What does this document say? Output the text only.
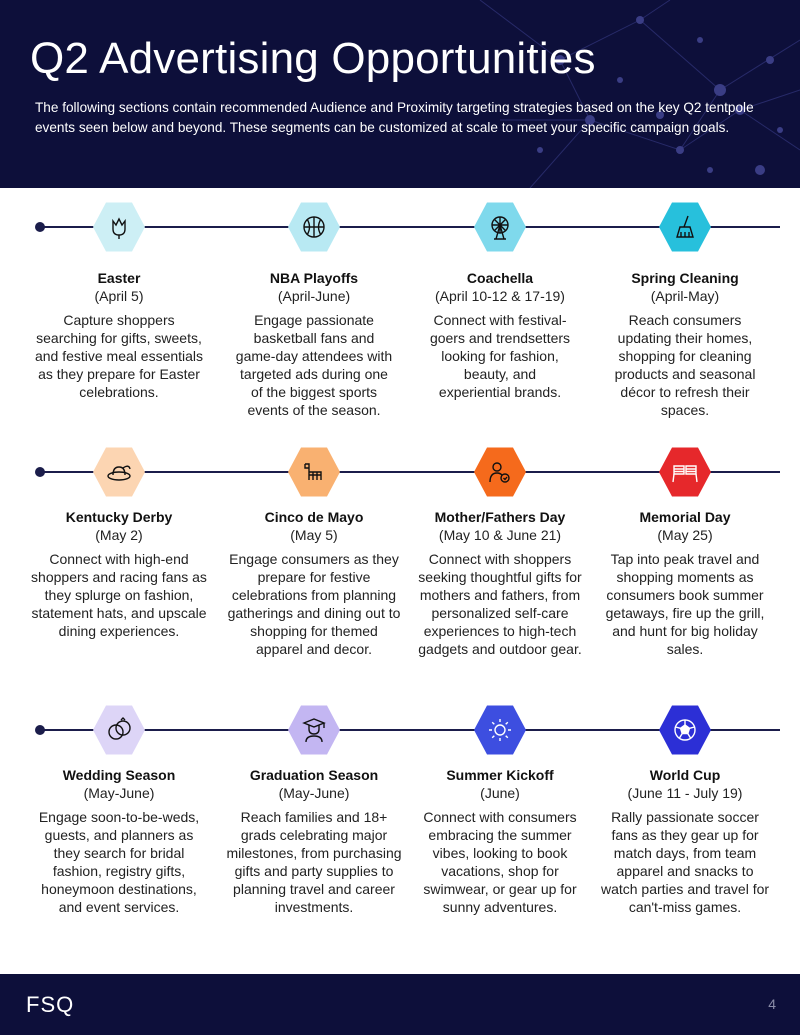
Q2 Advertising Opportunities

The following sections contain recommended Audience and Proximity targeting strategies based on the key Q2 tentpole events seen below and beyond. These segments can be customized at scale to meet your specific campaign goals.

Easter
(April 5)
Capture shoppers searching for gifts, sweets, and festive meal essentials as they prepare for Easter celebrations.
NBA Playoffs
(April-June)
Engage passionate basketball fans and game-day attendees with targeted ads during one of the biggest sports events of the season.
Coachella
(April 10-12 & 17-19)
Connect with festival-goers and trendsetters looking for fashion, beauty, and experiential brands.
Spring Cleaning
(April-May)
Reach consumers updating their homes, shopping for cleaning products and seasonal décor to refresh their spaces.
Kentucky Derby
(May 2)
Connect with high-end shoppers and racing fans as they splurge on fashion, statement hats, and upscale dining experiences.
Cinco de Mayo
(May 5)
Engage consumers as they prepare for festive celebrations from planning gatherings and dining out to shopping for themed apparel and decor.
Mother/Fathers Day
(May 10 & June 21)
Connect with shoppers seeking thoughtful gifts for mothers and fathers, from personalized self-care experiences to high-tech gadgets and outdoor gear.
Memorial Day
(May 25)
Tap into peak travel and shopping moments as consumers book summer getaways, fire up the grill, and hunt for big holiday sales.
Wedding Season
(May-June)
Engage soon-to-be-weds, guests, and planners as they search for bridal fashion, registry gifts, honeymoon destinations, and event services.
Graduation Season
(May-June)
Reach families and 18+ grads celebrating major milestones, from purchasing gifts and party supplies to planning travel and career investments.
Summer Kickoff
(June)
Connect with consumers embracing the summer vibes, looking to book vacations, shop for swimwear, or gear up for sunny adventures.
World Cup
(June 11 - July 19)
Rally passionate soccer fans as they gear up for match days, from team apparel and snacks to watch parties and travel for can't-miss games.
FSQ	4
